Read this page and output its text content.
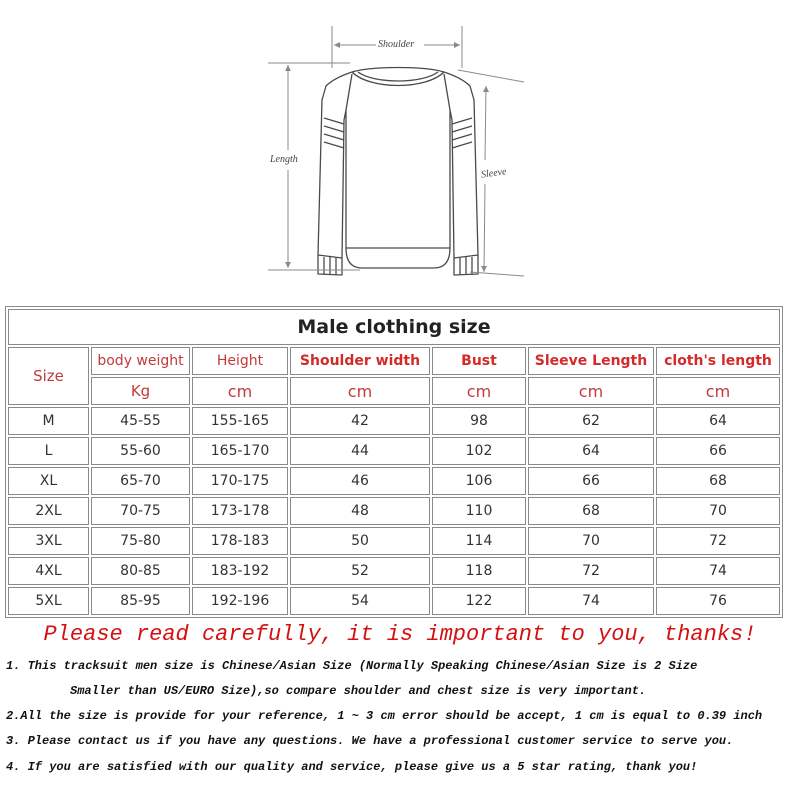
Shoulder
Length
Sleeve
Male clothing size						
Size	body weight	Height	Shoulder width	Bust	Sleeve Length	cloth's length
	Kg	cm	cm	cm	cm	cm
M	45-55	155-165	42	98	62	64
L	55-60	165-170	44	102	64	66
XL	65-70	170-175	46	106	66	68
2XL	70-75	173-178	48	110	68	70
3XL	75-80	178-183	50	114	70	72
4XL	80-85	183-192	52	118	72	74
5XL	85-95	192-196	54	122	74	76
Please read carefully, it is important to you, thanks!
1. This tracksuit men size is Chinese/Asian Size (Normally Speaking Chinese/Asian Size is 2 Size
Smaller than US/EURO Size),so compare shoulder and chest size is very important.
2.All the size is provide for your reference, 1 ~ 3 cm error should be accept, 1 cm is equal to 0.39 inch
3. Please contact us if you have any questions. We have a professional customer service to serve you.
4. If you are satisfied with our quality and service, please give us a 5 star rating, thank you!
